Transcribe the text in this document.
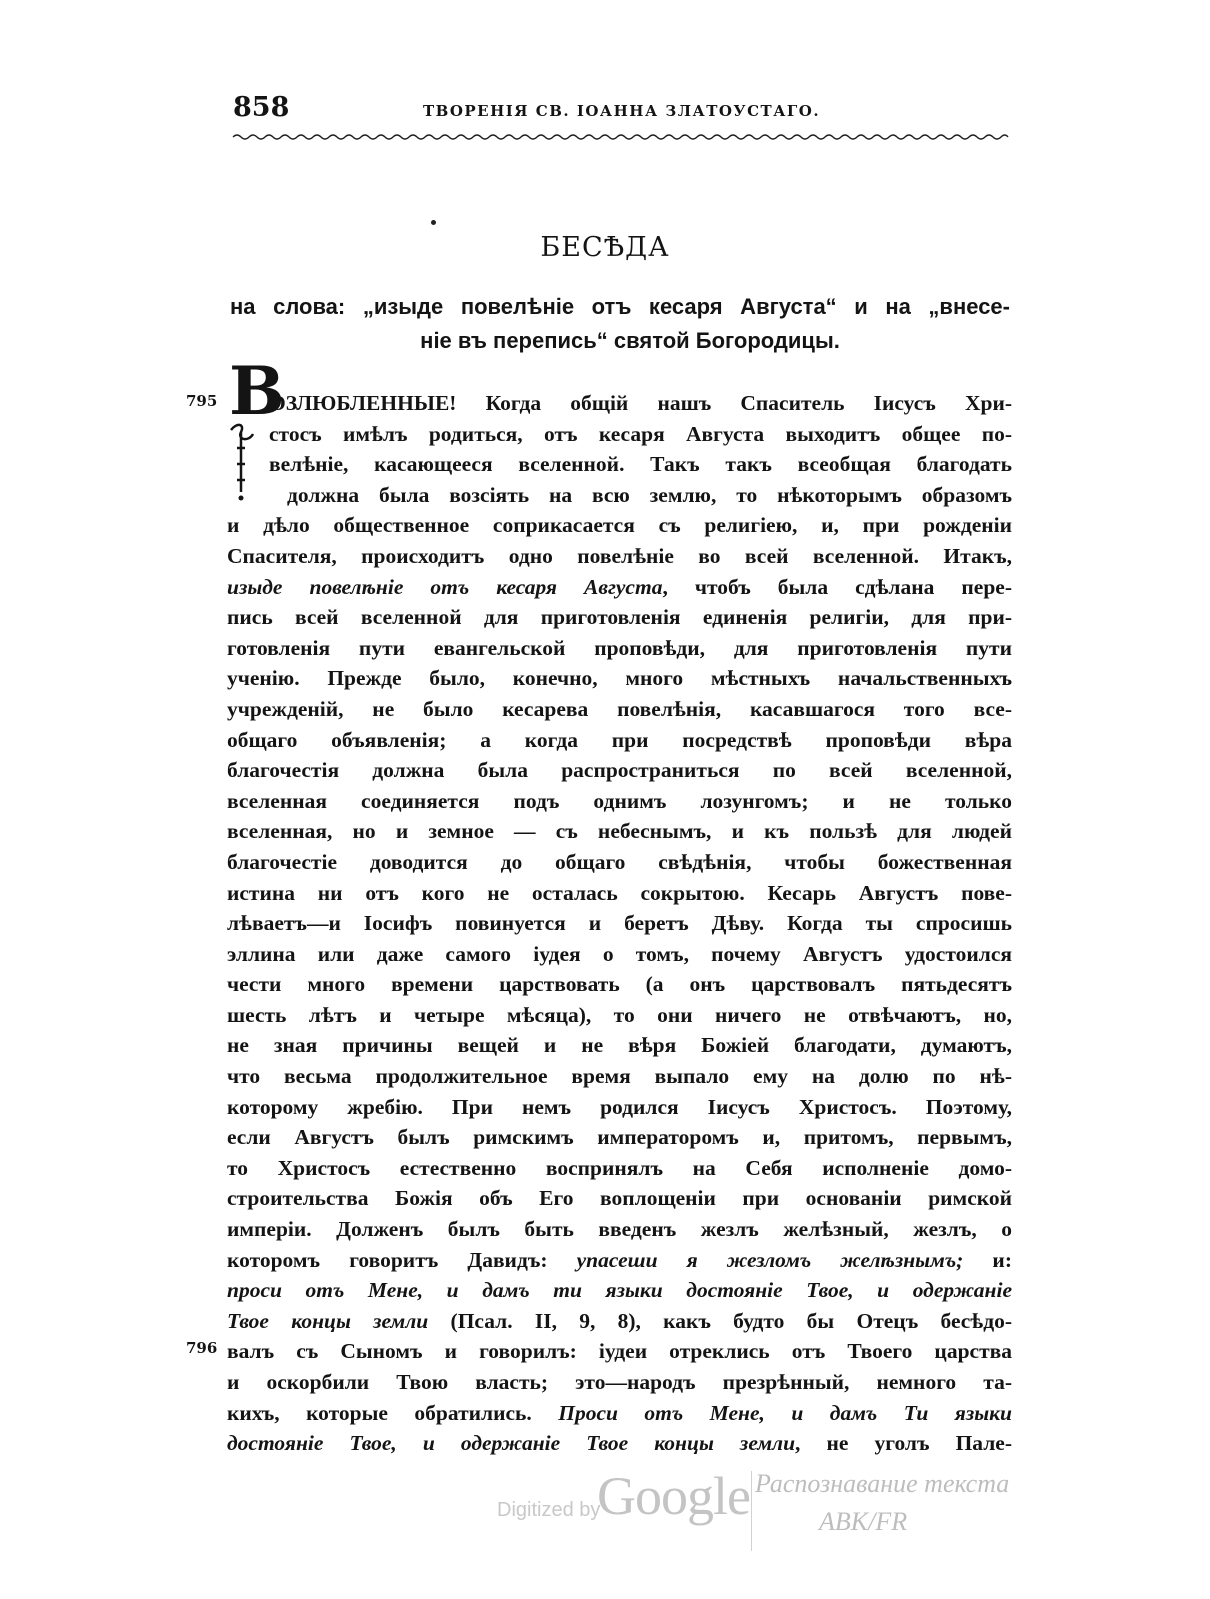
858	ТВОРЕНІЯ СВ. ІОАННА ЗЛАТОУСТАГО.
БЕСѢДА
на слова: „изыде повелѣніе отъ кесаря Августа“ и на „внесе-
ніе въ перепись“ святой Богородицы.
795
796
В
ОЗЛЮБЛЕННЫЕ! Когда общій нашъ Спаситель Іисусъ Хри-
стосъ имѣлъ родиться, отъ кесаря Августа выходитъ общее по-
велѣніе, касающееся вселенной. Такъ такъ всеобщая благодать
должна была возсіять на всю землю, то нѣкоторымъ образомъ
и дѣло общественное соприкасается съ религіею, и, при рожденіи
Спасителя, происходитъ одно повелѣніе во всей вселенной. Итакъ,
изыде повелѣніе отъ кесаря Августа, чтобъ была сдѣлана пере-
пись всей вселенной для приготовленія единенія религіи, для при-
готовленія пути евангельской проповѣди, для приготовленія пути
ученію. Прежде было, конечно, много мѣстныхъ начальственныхъ
учрежденій, не было кесарева повелѣнія, касавшагося того все-
общаго объявленія; а когда при посредствѣ проповѣди вѣра
благочестія должна была распространиться по всей вселенной,
вселенная соединяется подъ однимъ лозунгомъ; и не только
вселенная, но и земное — съ небеснымъ, и къ пользѣ для людей
благочестіе доводится до общаго свѣдѣнія, чтобы божественная
истина ни отъ кого не осталась сокрытою. Кесарь Августъ пове-
лѣваетъ—и Іосифъ повинуется и беретъ Дѣву. Когда ты спросишь
эллина или даже самого іудея о томъ, почему Августъ удостоился
чести много времени царствовать (а онъ царствовалъ пятьдесятъ
шесть лѣтъ и четыре мѣсяца), то они ничего не отвѣчаютъ, но,
не зная причины вещей и не вѣря Божіей благодати, думаютъ,
что весьма продолжительное время выпало ему на долю по нѣ-
которому жребію. При немъ родился Іисусъ Христосъ. Поэтому,
если Августъ былъ римскимъ императоромъ и, притомъ, первымъ,
то Христосъ естественно воспринялъ на Себя исполненіе домо-
строительства Божія объ Его воплощеніи при основаніи римской
имперіи. Долженъ былъ быть введенъ жезлъ желѣзный, жезлъ, о
которомъ говоритъ Давидъ: упасеши я жезломъ желѣзнымъ; и:
проси отъ Мене, и дамъ ти языки достояніе Твое, и одержаніе
Твое концы земли (Псал. II, 9, 8), какъ будто бы Отецъ бесѣдо-
валъ съ Сыномъ и говорилъ: іудеи отреклись отъ Твоего царства
и оскорбили Твою власть; это—народъ презрѣнный, немного та-
кихъ, которые обратились. Проси отъ Мене, и дамъ Ти языки
достояніе Твое, и одержаніе Твое концы земли, не уголъ Пале-
Digitized by
Google Распознавание текста
ABK/FR
